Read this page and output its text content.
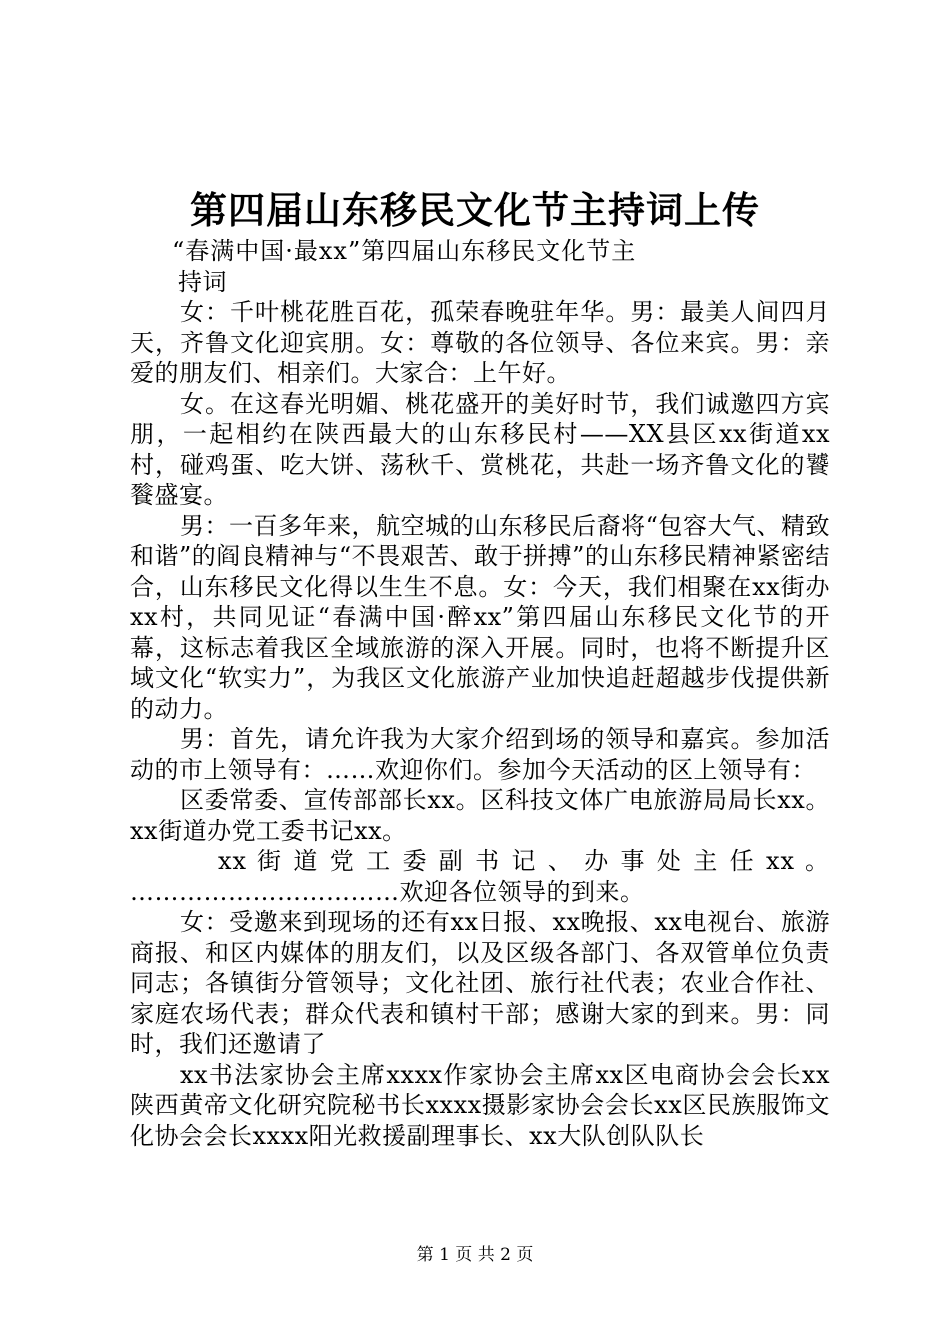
第四届山东移民文化节主持词上传

“春满中国·最xx”第四届山东移民文化节主

持词

女：千叶桃花胜百花，孤荣春晚驻年华。男：最美人间四月天，齐鲁文化迎宾朋。女：尊敬的各位领导、各位来宾。男：亲爱的朋友们、相亲们。大家合：上午好。

女。在这春光明媚、桃花盛开的美好时节，我们诚邀四方宾朋，一起相约在陕西最大的山东移民村——XX县区xx街道xx村，碰鸡蛋、吃大饼、荡秋千、赏桃花，共赴一场齐鲁文化的饕餮盛宴。

男：一百多年来，航空城的山东移民后裔将“包容大气、精致和谐”的阎良精神与“不畏艰苦、敢于拼搏”的山东移民精神紧密结合，山东移民文化得以生生不息。女：今天，我们相聚在xx街办xx村，共同见证“春满中国·醉xx”第四届山东移民文化节的开幕，这标志着我区全域旅游的深入开展。同时，也将不断提升区域文化“软实力”，为我区文化旅游产业加快追赶超越步伐提供新的动力。

男：首先，请允许我为大家介绍到场的领导和嘉宾。参加活动的市上领导有：……欢迎你们。参加今天活动的区上领导有：

区委常委、宣传部部长xx。区科技文体广电旅游局局长xx。xx街道办党工委书记xx。

xx 街 道 党 工 委 副 书 记 、 办 事 处 主 任 xx 。

……………………………欢迎各位领导的到来。

女：受邀来到现场的还有xx日报、xx晚报、xx电视台、旅游商报、和区内媒体的朋友们，以及区级各部门、各双管单位负责同志；各镇街分管领导；文化社团、旅行社代表；农业合作社、家庭农场代表；群众代表和镇村干部；感谢大家的到来。男：同时，我们还邀请了

xx书法家协会主席xxxx作家协会主席xx区电商协会会长xx陕西黄帝文化研究院秘书长xxxx摄影家协会会长xx区民族服饰文化协会会长xxxx阳光救援副理事长、xx大队创队队长

第 1 页 共 2 页
